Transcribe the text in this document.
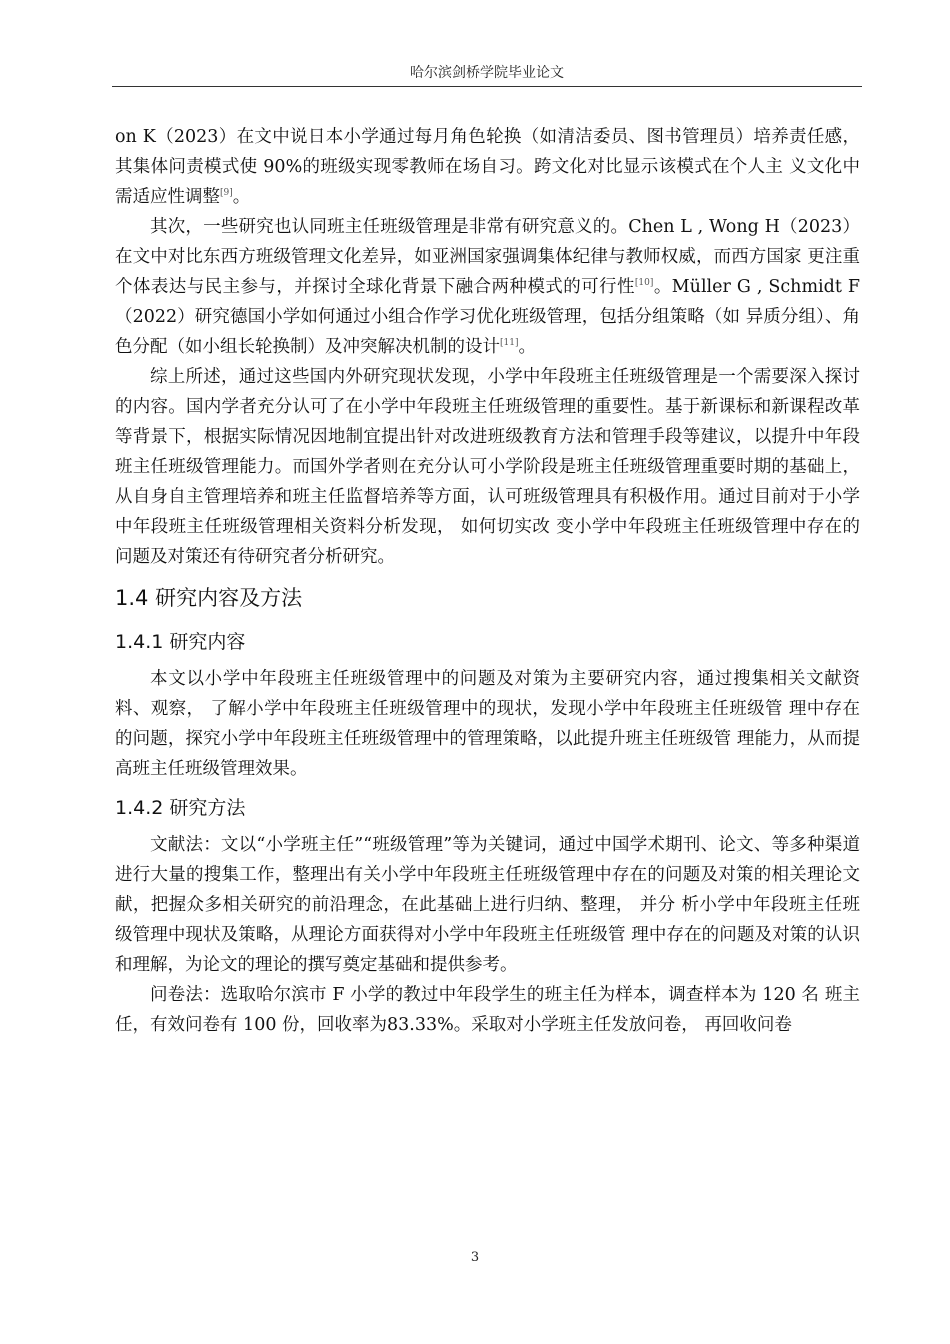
哈尔滨剑桥学院毕业论文

on K（2023）在文中说日本小学通过每月角色轮换（如清洁委员、图书管理员）培养责任感，其集体问责模式使 90%的班级实现零教师在场自习。跨文化对比显示该模式在个人主 义文化中需适应性调整[9]。

其次，一些研究也认同班主任班级管理是非常有研究意义的。Chen L , Wong H（2023） 在文中对比东西方班级管理文化差异，如亚洲国家强调集体纪律与教师权威，而西方国家 更注重个体表达与民主参与，并探讨全球化背景下融合两种模式的可行性[10]。Müller G , Schmidt F（2022）研究德国小学如何通过小组合作学习优化班级管理，包括分组策略（如 异质分组）、角色分配（如小组长轮换制）及冲突解决机制的设计[11]。

综上所述，通过这些国内外研究现状发现，小学中年段班主任班级管理是一个需要深入探讨的内容。国内学者充分认可了在小学中年段班主任班级管理的重要性。基于新课标和新课程改革等背景下，根据实际情况因地制宜提出针对改进班级教育方法和管理手段等建议，以提升中年段班主任班级管理能力。而国外学者则在充分认可小学阶段是班主任班级管理重要时期的基础上，从自身自主管理培养和班主任监督培养等方面，认可班级管理具有积极作用。通过目前对于小学中年段班主任班级管理相关资料分析发现， 如何切实改 变小学中年段班主任班级管理中存在的问题及对策还有待研究者分析研究。

1.4 研究内容及方法
1.4.1 研究内容

本文以小学中年段班主任班级管理中的问题及对策为主要研究内容，通过搜集相关文献资料、观察， 了解小学中年段班主任班级管理中的现状，发现小学中年段班主任班级管 理中存在的问题，探究小学中年段班主任班级管理中的管理策略，以此提升班主任班级管 理能力，从而提高班主任班级管理效果。

1.4.2 研究方法

文献法：文以“小学班主任”“班级管理”等为关键词，通过中国学术期刊、论文、等多种渠道进行大量的搜集工作，整理出有关小学中年段班主任班级管理中存在的问题及对策的相关理论文献，把握众多相关研究的前沿理念，在此基础上进行归纳、整理， 并分 析小学中年段班主任班级管理中现状及策略，从理论方面获得对小学中年段班主任班级管 理中存在的问题及对策的认识和理解，为论文的理论的撰写奠定基础和提供参考。

问卷法：选取哈尔滨市 F 小学的教过中年段学生的班主任为样本，调查样本为 120 名 班主任，有效问卷有 100 份，回收率为83.33%。采取对小学班主任发放问卷， 再回收问卷

3
